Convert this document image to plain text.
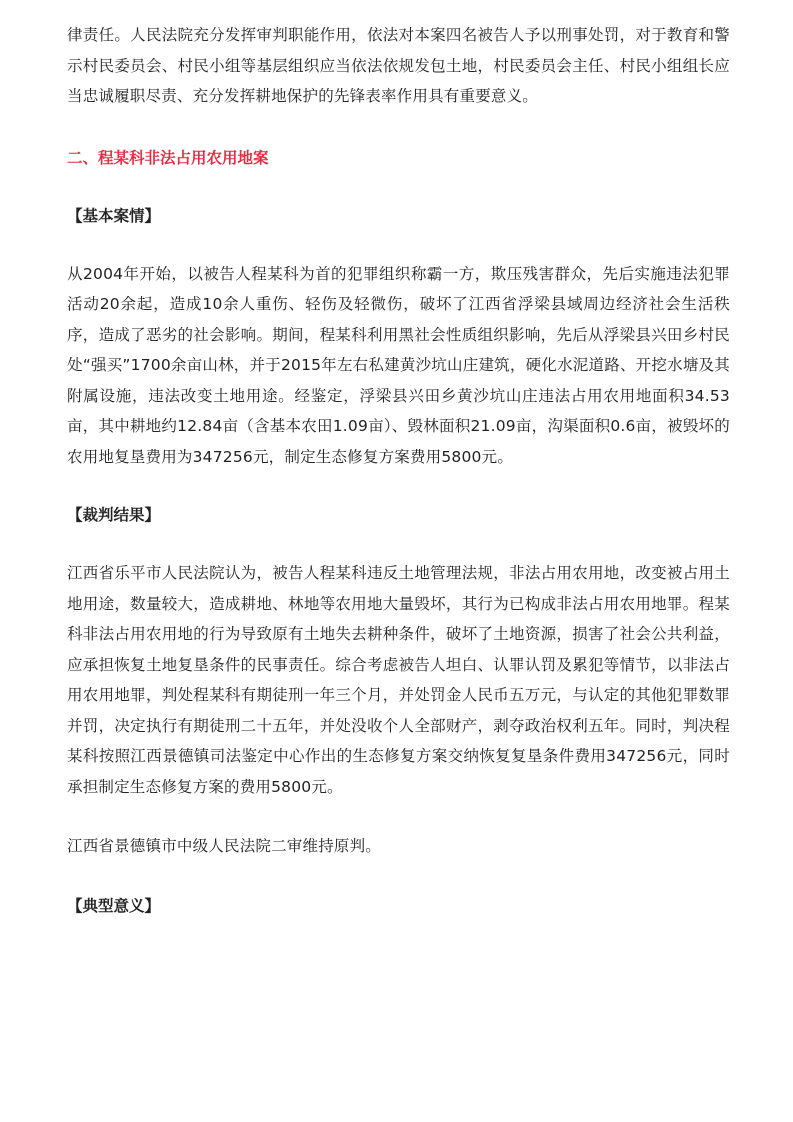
律责任。人民法院充分发挥审判职能作用，依法对本案四名被告人予以刑事处罚，对于教育和警示村民委员会、村民小组等基层组织应当依法依规发包土地，村民委员会主任、村民小组组长应当忠诚履职尽责、充分发挥耕地保护的先锋表率作用具有重要意义。

二、程某科非法占用农用地案

【基本案情】

从2004年开始，以被告人程某科为首的犯罪组织称霸一方，欺压残害群众，先后实施违法犯罪活动20余起，造成10余人重伤、轻伤及轻微伤，破坏了江西省浮梁县域周边经济社会生活秩序，造成了恶劣的社会影响。期间，程某科利用黑社会性质组织影响，先后从浮梁县兴田乡村民处“强买”1700余亩山林，并于2015年左右私建黄沙坑山庄建筑，硬化水泥道路、开挖水塘及其附属设施，违法改变土地用途。经鉴定，浮梁县兴田乡黄沙坑山庄违法占用农用地面积34.53亩，其中耕地约12.84亩（含基本农田1.09亩）、毁林面积21.09亩，沟渠面积0.6亩，被毁坏的农用地复垦费用为347256元，制定生态修复方案费用5800元。

【裁判结果】

江西省乐平市人民法院认为，被告人程某科违反土地管理法规，非法占用农用地，改变被占用土地用途，数量较大，造成耕地、林地等农用地大量毁坏，其行为已构成非法占用农用地罪。程某科非法占用农用地的行为导致原有土地失去耕种条件，破坏了土地资源，损害了社会公共利益，应承担恢复土地复垦条件的民事责任。综合考虑被告人坦白、认罪认罚及累犯等情节，以非法占用农用地罪，判处程某科有期徒刑一年三个月，并处罚金人民币五万元，与认定的其他犯罪数罪并罚，决定执行有期徒刑二十五年，并处没收个人全部财产，剥夺政治权利五年。同时，判决程某科按照江西景德镇司法鉴定中心作出的生态修复方案交纳恢复复垦条件费用347256元，同时承担制定生态修复方案的费用5800元。

江西省景德镇市中级人民法院二审维持原判。

【典型意义】
